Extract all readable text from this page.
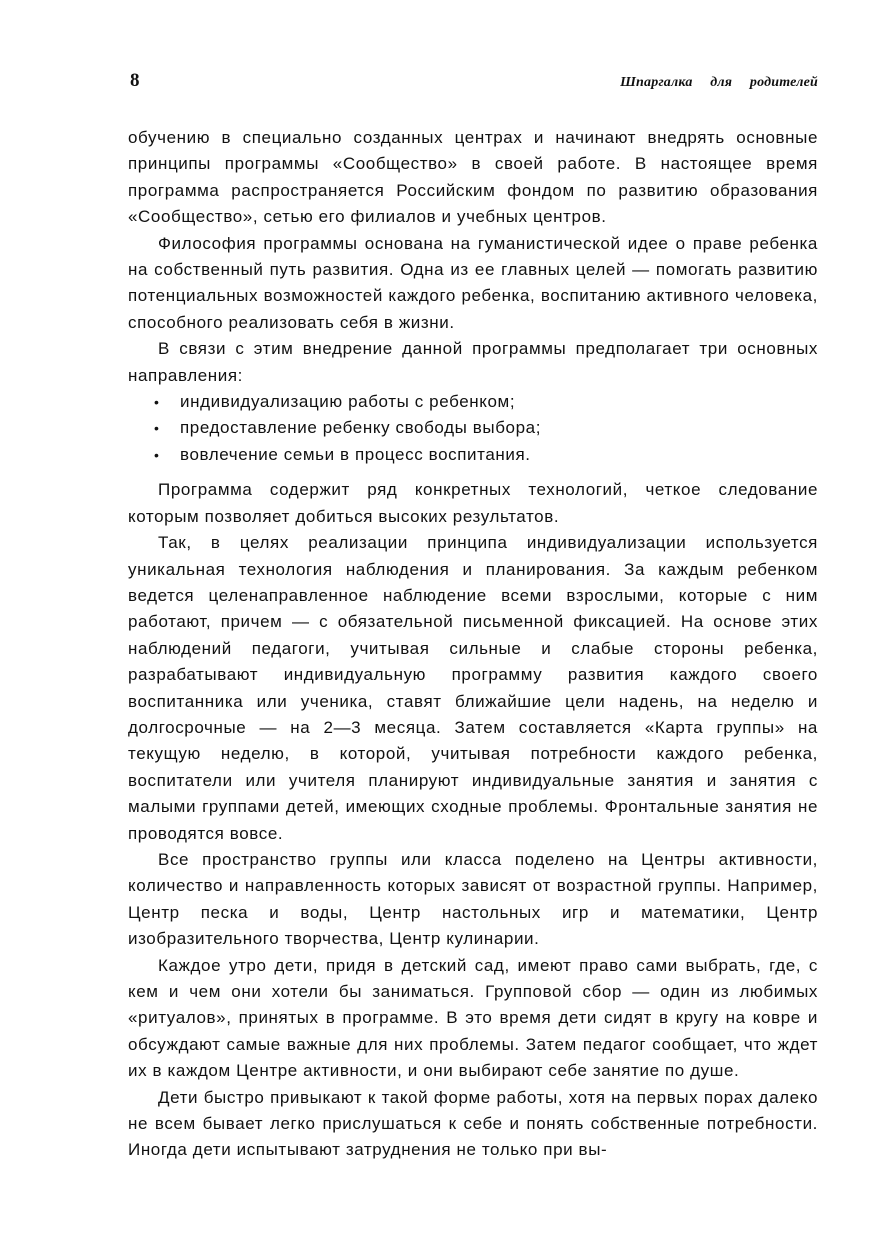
8	Шпаргалка для родителей

обучению в специально созданных центрах и начинают внедрять основные принципы программы «Сообщество» в своей работе. В настоящее время программа распространяется Российским фондом по развитию образования «Сообщество», сетью его филиалов и учебных центров.

Философия программы основана на гуманистической идее о праве ребенка на собственный путь развития. Одна из ее главных целей — помогать развитию потенциальных возможностей каждого ребенка, воспитанию активного человека, способного реализовать себя в жизни.

В связи с этим внедрение данной программы предполагает три основных направления:

• индивидуализацию работы с ребенком;
• предоставление ребенку свободы выбора;
• вовлечение семьи в процесс воспитания.

Программа содержит ряд конкретных технологий, четкое следование которым позволяет добиться высоких результатов.

Так, в целях реализации принципа индивидуализации используется уникальная технология наблюдения и планирования. За каждым ребенком ведется целенаправленное наблюдение всеми взрослыми, которые с ним работают, причем — с обязательной письменной фиксацией. На основе этих наблюдений педагоги, учитывая сильные и слабые стороны ребенка, разрабатывают индивидуальную программу развития каждого своего воспитанника или ученика, ставят ближайшие цели надень, на неделю и долгосрочные — на 2—3 месяца. Затем составляется «Карта группы» на текущую неделю, в которой, учитывая потребности каждого ребенка, воспитатели или учителя планируют индивидуальные занятия и занятия с малыми группами детей, имеющих сходные проблемы. Фронтальные занятия не проводятся вовсе.

Все пространство группы или класса поделено на Центры активности, количество и направленность которых зависят от возрастной группы. Например, Центр песка и воды, Центр настольных игр и математики, Центр изобразительного творчества, Центр кулинарии.

Каждое утро дети, придя в детский сад, имеют право сами выбрать, где, с кем и чем они хотели бы заниматься. Групповой сбор — один из любимых «ритуалов», принятых в программе. В это время дети сидят в кругу на ковре и обсуждают самые важные для них проблемы. Затем педагог сообщает, что ждет их в каждом Центре активности, и они выбирают себе занятие по душе.

Дети быстро привыкают к такой форме работы, хотя на первых порах далеко не всем бывает легко прислушаться к себе и понять собственные потребности. Иногда дети испытывают затруднения не только при вы-
